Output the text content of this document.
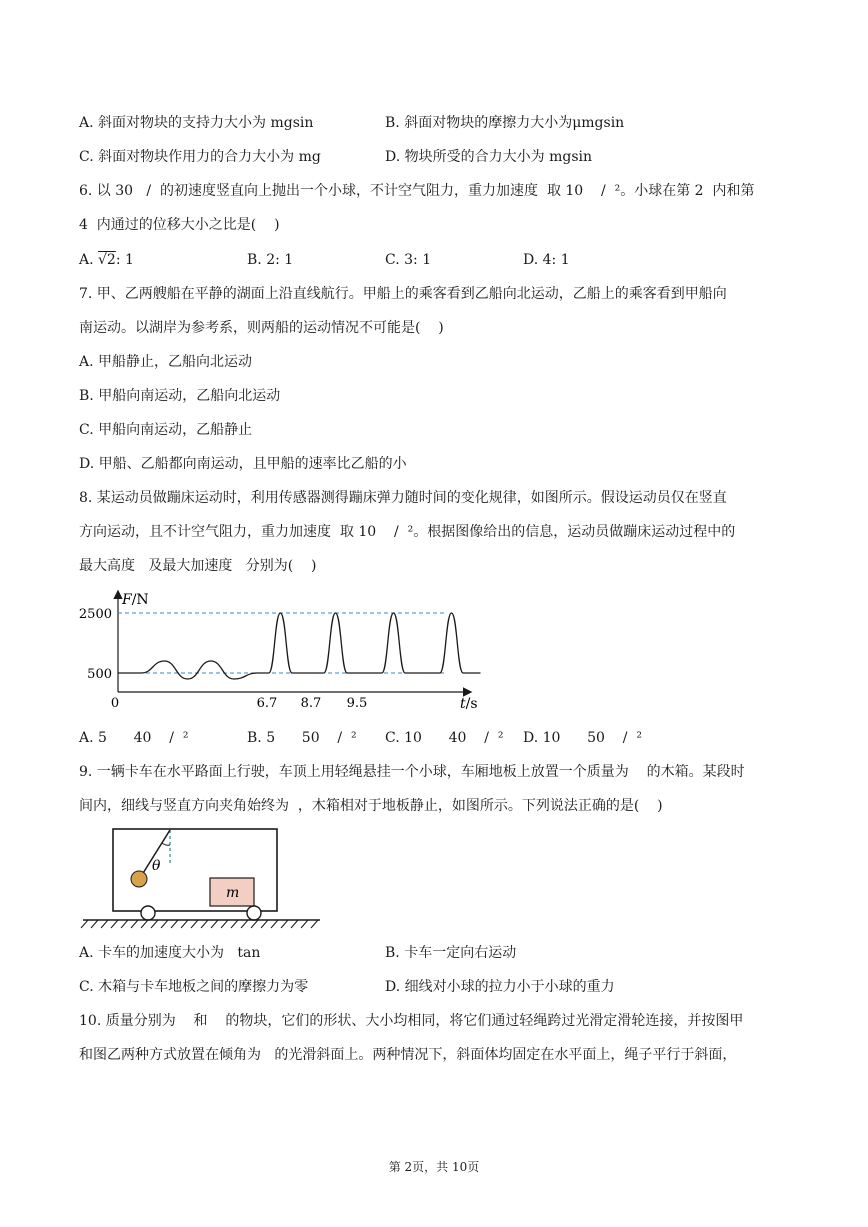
A. 斜面对物块的支持力大小为 mgsin	B. 斜面对物块的摩擦力大小为μmgsin
C. 斜面对物块作用力的合力大小为 mg	D. 物块所受的合力大小为 mgsin
6. 以 30   /  的初速度竖直向上抛出一个小球，不计空气阻力，重力加速度  取 10    /  ²。小球在第 2  内和第
4  内通过的位移大小之比是(    )
A. √2: 1	B. 2: 1	C. 3: 1	D. 4: 1
7. 甲、乙两艘船在平静的湖面上沿直线航行。甲船上的乘客看到乙船向北运动，乙船上的乘客看到甲船向
南运动。以湖岸为参考系，则两船的运动情况不可能是(    )
A. 甲船静止，乙船向北运动
B. 甲船向南运动，乙船向北运动
C. 甲船向南运动，乙船静止
D. 甲船、乙船都向南运动，且甲船的速率比乙船的小
8. 某运动员做蹦床运动时，利用传感器测得蹦床弹力随时间的变化规律，如图所示。假设运动员仅在竖直
方向运动，且不计空气阻力，重力加速度  取 10    /  ²。根据图像给出的信息，运动员做蹦床运动过程中的
最大高度   及最大加速度   分别为(    )
F/N
t/s
2500
500
0	6.7 8.7 9.5
A. 5      40    /  ²	B. 5      50    /  ² C. 10      40    /  ² D. 10      50    /  ²
9. 一辆卡车在水平路面上行驶，车顶上用轻绳悬挂一个小球，车厢地板上放置一个质量为    的木箱。某段时
间内，细线与竖直方向夹角始终为  ，木箱相对于地板静止，如图所示。下列说法正确的是(    )
θ
m
A. 卡车的加速度大小为   tan	B. 卡车一定向右运动
C. 木箱与卡车地板之间的摩擦力为零	D. 细线对小球的拉力小于小球的重力
10. 质量分别为    和    的物块，它们的形状、大小均相同，将它们通过轻绳跨过光滑定滑轮连接，并按图甲
和图乙两种方式放置在倾角为   的光滑斜面上。两种情况下，斜面体均固定在水平面上，绳子平行于斜面，
第 2页，共 10页
